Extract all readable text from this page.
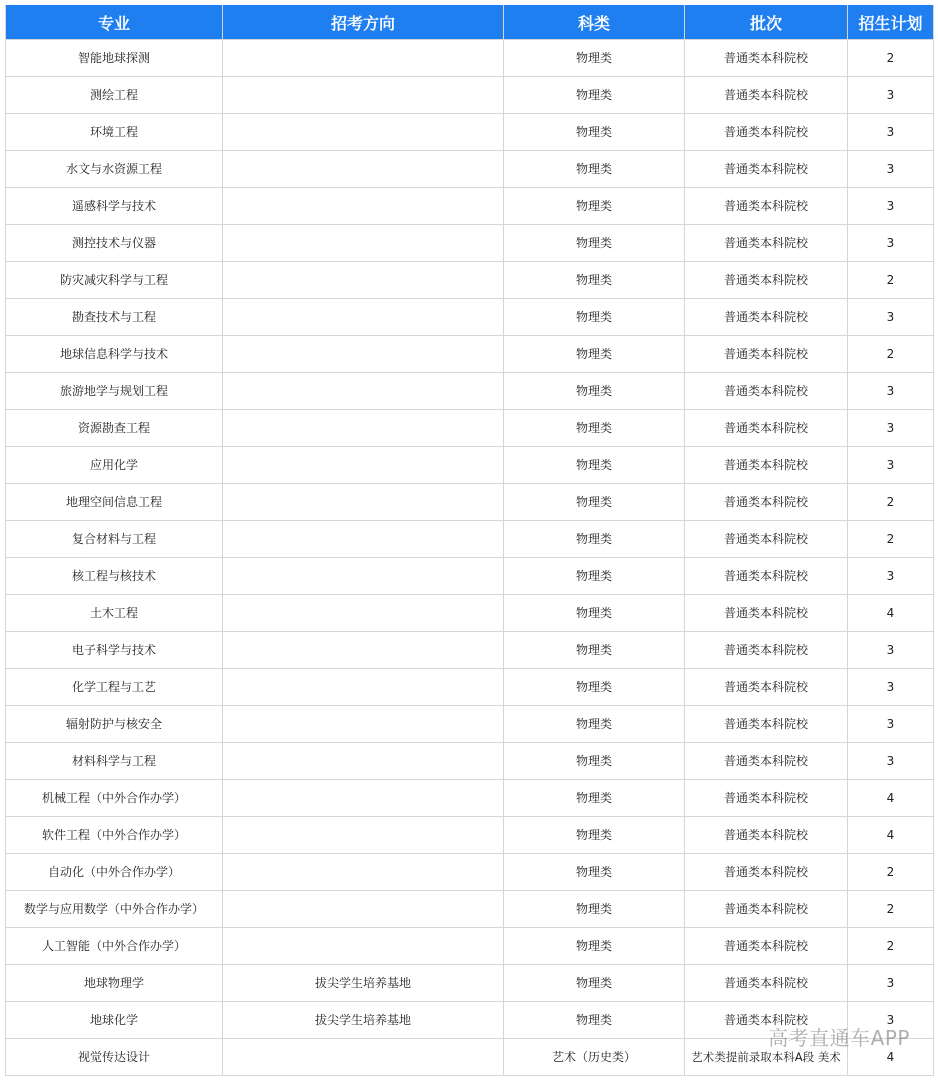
专业	招考方向	科类	批次	招生计划
智能地球探测		物理类	普通类本科院校	2
测绘工程		物理类	普通类本科院校	3
环境工程		物理类	普通类本科院校	3
水文与水资源工程		物理类	普通类本科院校	3
遥感科学与技术		物理类	普通类本科院校	3
测控技术与仪器		物理类	普通类本科院校	3
防灾减灾科学与工程		物理类	普通类本科院校	2
勘查技术与工程		物理类	普通类本科院校	3
地球信息科学与技术		物理类	普通类本科院校	2
旅游地学与规划工程		物理类	普通类本科院校	3
资源勘查工程		物理类	普通类本科院校	3
应用化学		物理类	普通类本科院校	3
地理空间信息工程		物理类	普通类本科院校	2
复合材料与工程		物理类	普通类本科院校	2
核工程与核技术		物理类	普通类本科院校	3
土木工程		物理类	普通类本科院校	4
电子科学与技术		物理类	普通类本科院校	3
化学工程与工艺		物理类	普通类本科院校	3
辐射防护与核安全		物理类	普通类本科院校	3
材料科学与工程		物理类	普通类本科院校	3
机械工程（中外合作办学）		物理类	普通类本科院校	4
软件工程（中外合作办学）		物理类	普通类本科院校	4
自动化（中外合作办学）		物理类	普通类本科院校	2
数学与应用数学（中外合作办学）		物理类	普通类本科院校	2
人工智能（中外合作办学）		物理类	普通类本科院校	2
地球物理学	拔尖学生培养基地	物理类	普通类本科院校	3
地球化学	拔尖学生培养基地	物理类	普通类本科院校	3
视觉传达设计		艺术（历史类）	艺术类提前录取本科A段 美术	4
高考直通车APP
